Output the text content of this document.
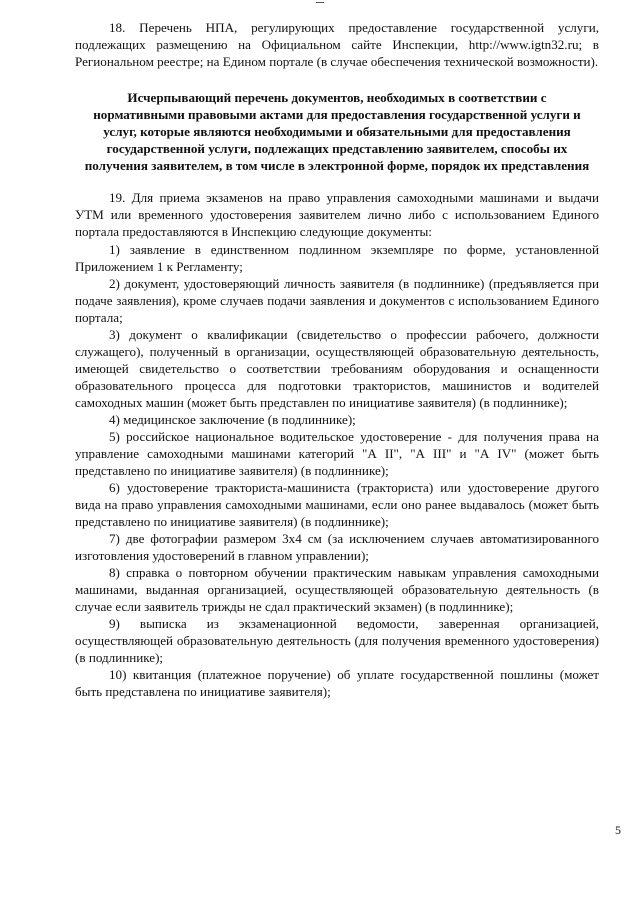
18. Перечень НПА, регулирующих предоставление государственной услуги, подлежащих размещению на Официальном сайте Инспекции, http://www.igtn32.ru; в Региональном реестре; на Едином портале (в случае обеспечения технической возможности).

Исчерпывающий перечень документов, необходимых в соответствии с нормативными правовыми актами для предоставления государственной услуги и услуг, которые являются необходимыми и обязательными для предоставления государственной услуги, подлежащих представлению заявителем, способы их получения заявителем, в том числе в электронной форме, порядок их представления

19. Для приема экзаменов на право управления самоходными машинами и выдачи УТМ или временного удостоверения заявителем лично либо с использованием Единого портала предоставляются в Инспекцию следующие документы:

1) заявление в единственном подлинном экземпляре по форме, установленной Приложением 1 к Регламенту;

2) документ, удостоверяющий личность заявителя (в подлиннике) (предъявляется при подаче заявления), кроме случаев подачи заявления и документов с использованием Единого портала;

3) документ о квалификации (свидетельство о профессии рабочего, должности служащего), полученный в организации, осуществляющей образовательную деятельность, имеющей свидетельство о соответствии требованиям оборудования и оснащенности образовательного процесса для подготовки трактористов, машинистов и водителей самоходных машин (может быть представлен по инициативе заявителя) (в подлиннике);

4) медицинское заключение (в подлиннике);

5) российское национальное водительское удостоверение - для получения права на управление самоходными машинами категорий "А II", "А III" и "А IV" (может быть представлено по инициативе заявителя) (в подлиннике);

6) удостоверение тракториста-машиниста (тракториста) или удостоверение другого вида на право управления самоходными машинами, если оно ранее выдавалось (может быть представлено по инициативе заявителя) (в подлиннике);

7) две фотографии размером 3x4 см (за исключением случаев автоматизированного изготовления удостоверений в главном управлении);

8) справка о повторном обучении практическим навыкам управления самоходными машинами, выданная организацией, осуществляющей образовательную деятельность (в случае если заявитель трижды не сдал практический экзамен) (в подлиннике);

9) выписка из экзаменационной ведомости, заверенная организацией, осуществляющей образовательную деятельность (для получения временного удостоверения) (в подлиннике);

10) квитанция (платежное поручение) об уплате государственной пошлины (может быть представлена по инициативе заявителя);

5
